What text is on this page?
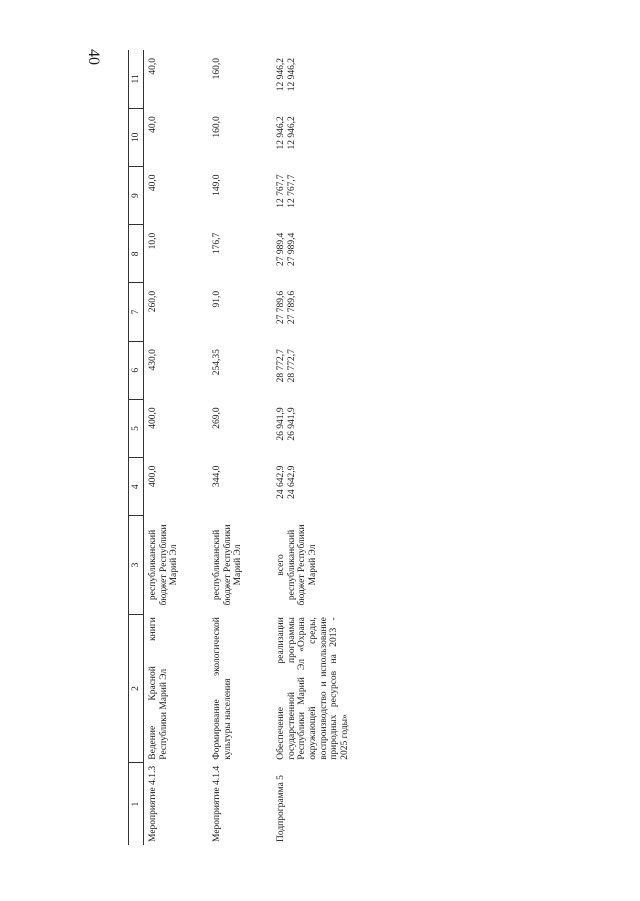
40
1	2	3	4	5	6	7	8	9	10	11
Мероприятие 4.1.3	Ведение Красной книги Республики Марий Эл	республиканский бюджет Республики Марий Эл	400,0	400,0	430,0	260,0	10,0	40,0	40,0	40,0
Мероприятие 4.1.4	Формирование экологической культуры населения	республиканский бюджет Республики Марий Эл	344,0	269,0	254,35	91,0	176,7	149,0	160,0	160,0
Подпрограмма 5	Обеспечение реализации государственной программы Республики Марий Эл «Охрана окружающей среды, воспроизводство и использование природных ресурсов на 2013 - 2025 годы»	всего республиканский бюджет Республики Марий Эл	24 642,9 24 642,9	26 941,9 26 941,9	28 772,7 28 772,7	27 789,6 27 789,6	27 989,4 27 989,4	12 767,7 12 767,7	12 946,2 12 946,2	12 946,2 12 946,2
